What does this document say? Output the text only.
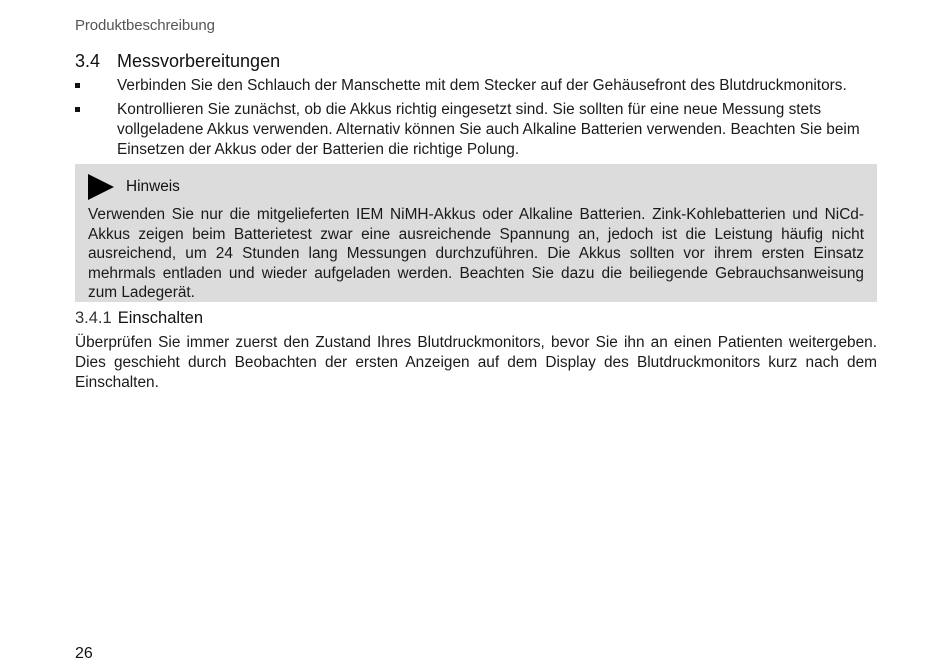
Produktbeschreibung
3.4 Messvorbereitungen
Verbinden Sie den Schlauch der Manschette mit dem Stecker auf der Gehäusefront des Blutdruckmonitors.
Kontrollieren Sie zunächst, ob die Akkus richtig eingesetzt sind. Sie sollten für eine neue Messung stets vollgeladene Akkus verwenden. Alternativ können Sie auch Alkaline Batterien verwenden. Beachten Sie beim Einsetzen der Akkus oder der Batterien die richtige Polung.
Hinweis
Verwenden Sie nur die mitgelieferten IEM NiMH-Akkus oder Alkaline Batterien. Zink-Kohlebatterien und NiCd-Akkus zeigen beim Batterietest zwar eine ausreichende Spannung an, jedoch ist die Leistung häufig nicht ausreichend, um 24 Stunden lang Messungen durchzuführen. Die Akkus sollten vor ihrem ersten Einsatz mehrmals entladen und wieder aufgeladen werden. Beachten Sie dazu die beiliegende Gebrauchsanweisung zum Ladegerät.
3.4.1 Einschalten
Überprüfen Sie immer zuerst den Zustand Ihres Blutdruckmonitors, bevor Sie ihn an einen Patienten weitergeben. Dies geschieht durch Beobachten der ersten Anzeigen auf dem Display des Blutdruckmonitors kurz nach dem Einschalten.
26
